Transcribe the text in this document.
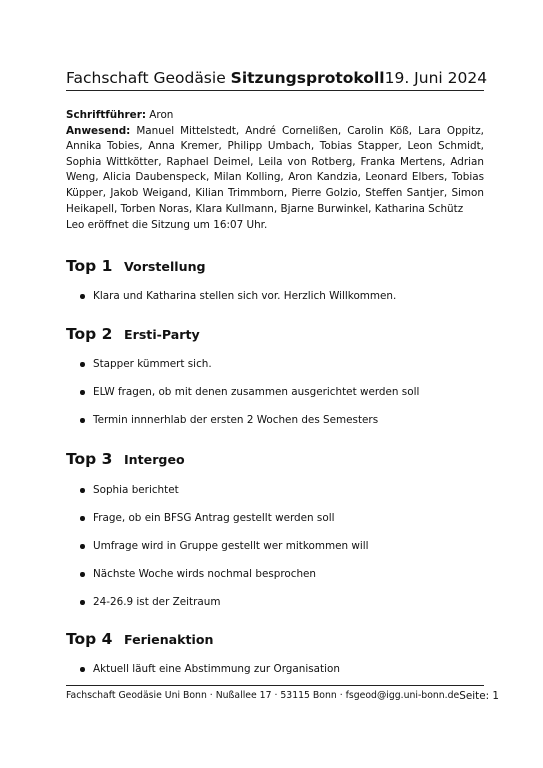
Fachschaft Geodäsie Sitzungsprotokoll 19. Juni 2024
Schriftführer: Aron
Anwesend: Manuel Mittelstedt, André Cornelißen, Carolin Köß, Lara Oppitz, Annika Tobies, Anna Kremer, Philipp Umbach, Tobias Stapper, Leon Schmidt, Sophia Wittkötter, Raphael Deimel, Leila von Rotberg, Franka Mertens, Adrian Weng, Alicia Daubenspeck, Milan Kolling, Aron Kandzia, Leonard Elbers, Tobias Küpper, Jakob Weigand, Kilian Trimmborn, Pierre Golzio, Steffen Santjer, Simon Heikapell, Torben Noras, Klara Kullmann, Bjarne Burwinkel, Katharina Schütz
Leo eröffnet die Sitzung um 16:07 Uhr.
Top 1 Vorstellung
Klara und Katharina stellen sich vor. Herzlich Willkommen.
Top 2 Ersti-Party
Stapper kümmert sich.
ELW fragen, ob mit denen zusammen ausgerichtet werden soll
Termin innnerhlab der ersten 2 Wochen des Semesters
Top 3 Intergeo
Sophia berichtet
Frage, ob ein BFSG Antrag gestellt werden soll
Umfrage wird in Gruppe gestellt wer mitkommen will
Nächste Woche wirds nochmal besprochen
24-26.9 ist der Zeitraum
Top 4 Ferienaktion
Aktuell läuft eine Abstimmung zur Organisation
Fachschaft Geodäsie Uni Bonn · Nußallee 17 · 53115 Bonn · fsgeod@igg.uni-bonn.de Seite: 1
